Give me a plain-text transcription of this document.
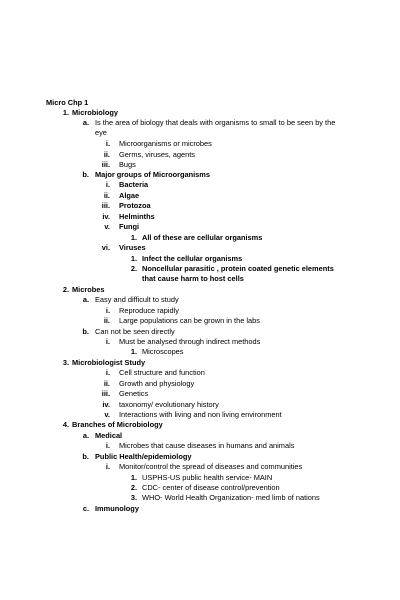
Micro Chp 1
1. Microbiology
a. Is the area of biology that deals with organisms to small to be seen by the
eye
i. Microorganisms or microbes
ii. Germs, viruses, agents
iii. Bugs
b. Major groups of Microorganisms
i. Bacteria
ii. Algae
iii. Protozoa
iv. Helminths
v. Fungi
1. All of these are cellular organisms
vi. Viruses
1. Infect the cellular organisms
2. Noncellular parasitic , protein coated genetic elements
that cause harm to host cells
2. Microbes
a. Easy and difficult to study
i. Reproduce rapidly
ii. Large populations can be grown in the labs
b. Can not be seen directly
i. Must be analysed through indirect methods
1. Microscopes
3. Microbiologist Study
i. Cell structure and function
ii. Growth and physiology
iii. Genetics
iv. taxonomy/ evolutionary history
v. Interactions with living and non living environment
4. Branches of Microbiology
a. Medical
i. Microbes that cause diseases in humans and animals
b. Public Health/epidemiology
i. Monitor/control the spread of diseases and communities
1. USPHS-US public health service- MAIN
2. CDC- center of disease control/prevention
3. WHO- World Health Organization- med limb of nations
c. Immunology
